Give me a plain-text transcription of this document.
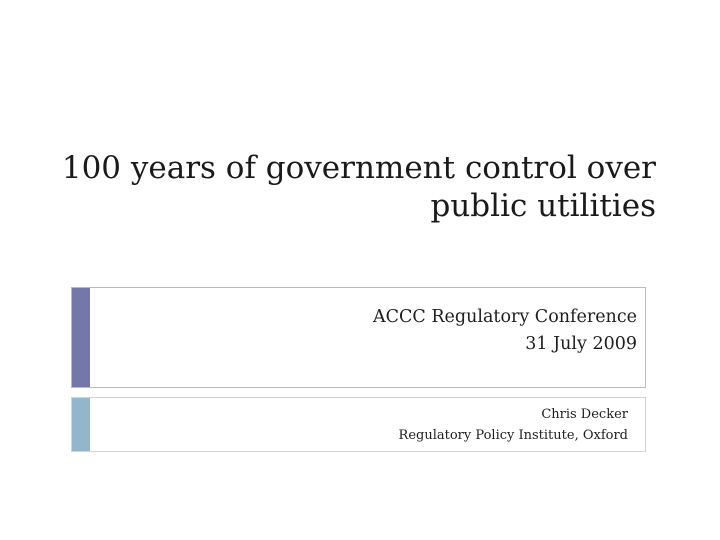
100 years of government control over
public utilities
ACCC Regulatory Conference
31 July 2009
Chris Decker
Regulatory Policy Institute, Oxford
